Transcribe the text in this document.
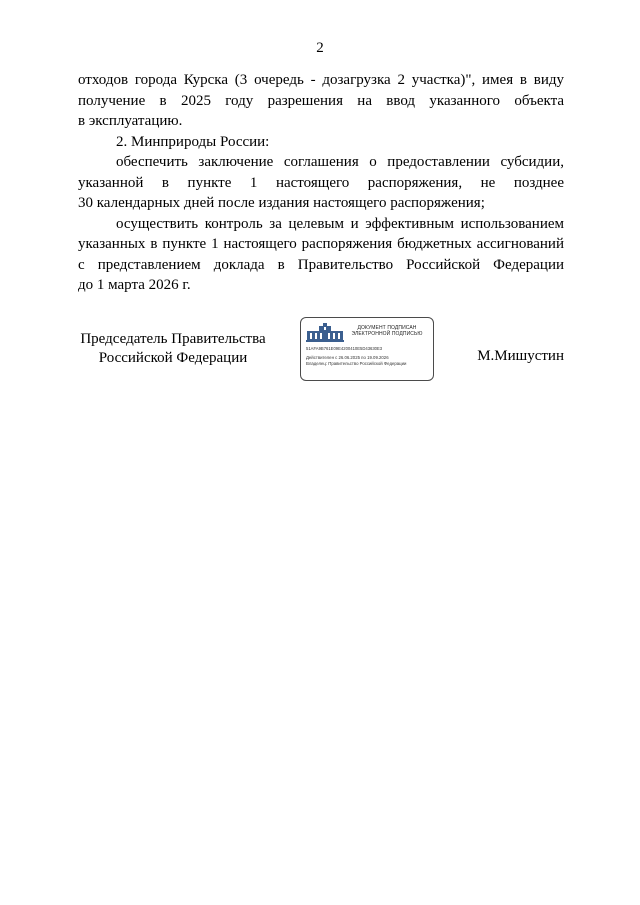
2
отходов города Курска (3 очередь - дозагрузка 2 участка)", имея в виду
получение в 2025 году разрешения на ввод указанного объекта
в эксплуатацию.
2. Минприроды России:
обеспечить заключение соглашения о предоставлении субсидии,
указанной в пункте 1 настоящего распоряжения, не позднее
30 календарных дней после издания настоящего распоряжения;
осуществить контроль за целевым и эффективным использованием
указанных в пункте 1 настоящего распоряжения бюджетных ассигнований
с представлением доклада в Правительство Российской Федерации
до 1 марта 2026 г.
Председатель Правительства
Российской Федерации
ДОКУМЕНТ ПОДПИСАН
ЭЛЕКТРОННОЙ ПОДПИСЬЮ
51AFA9B761E09E4200410E5D43630E3
Действителен с 26.06.2025 по 19.09.2026
Владелец: Правительство Российской Федерации	М.Мишустин
